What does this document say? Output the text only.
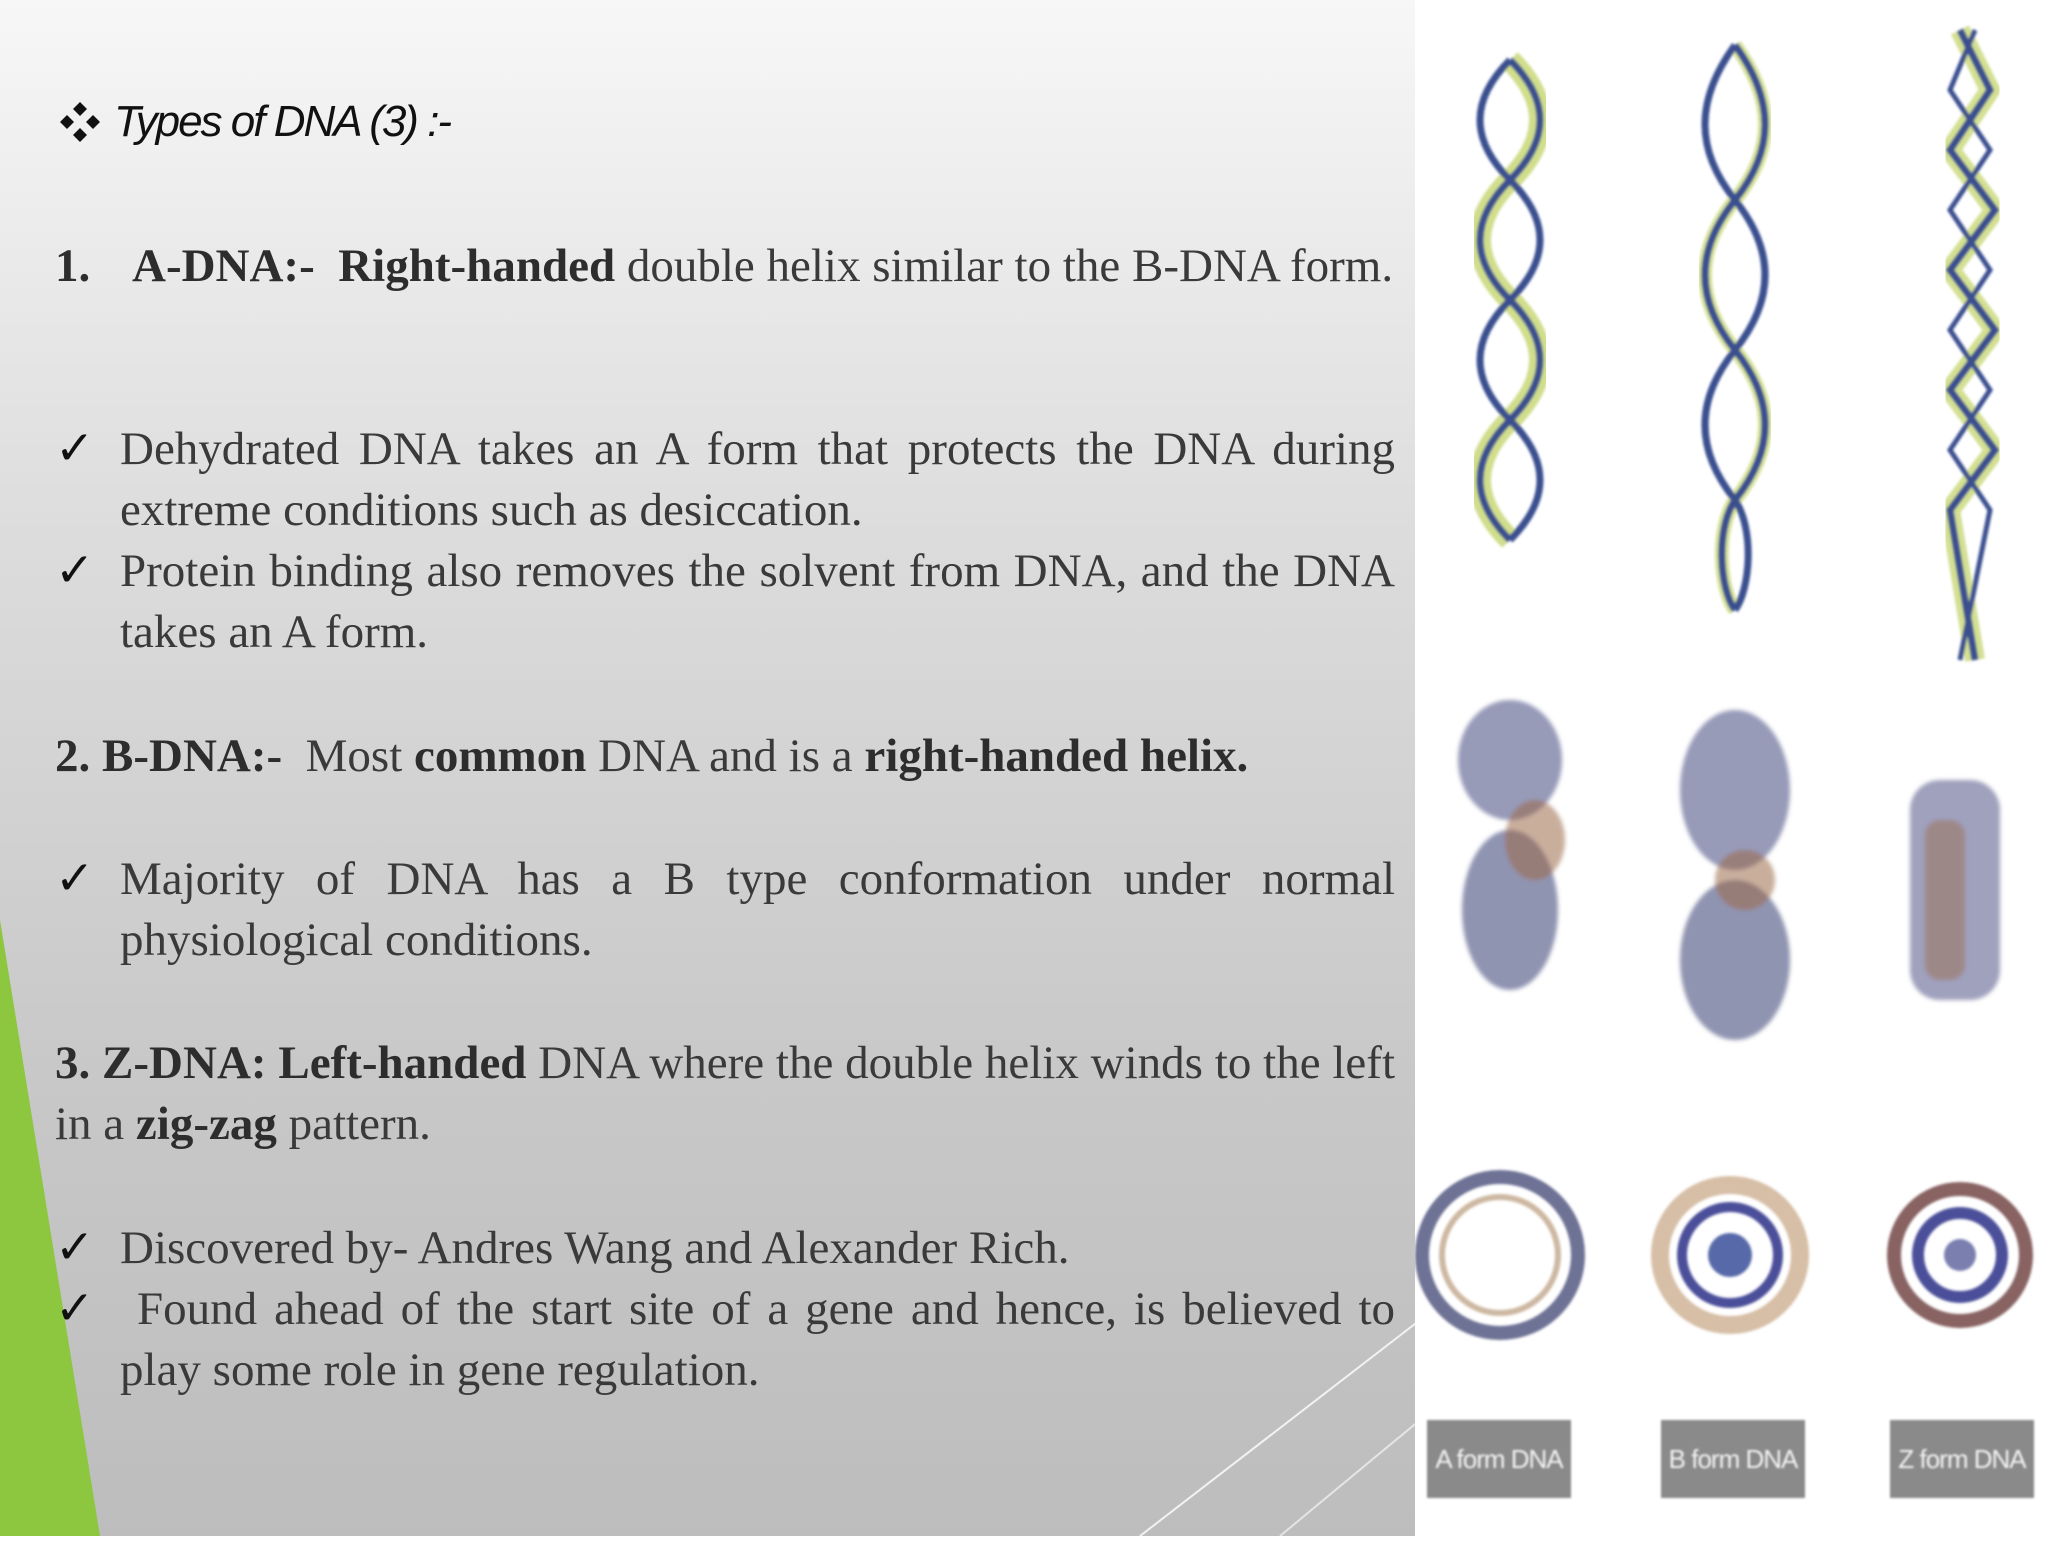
Types of DNA (3) :-
1. A-DNA:- Right-handed double helix similar to the B-DNA form.
✓ Dehydrated DNA takes an A form that protects the DNA during extreme conditions such as desiccation.
✓ Protein binding also removes the solvent from DNA, and the DNA takes an A form.
2. B-DNA:- Most common DNA and is a right-handed helix.
✓ Majority of DNA has a B type conformation under normal physiological conditions.
3. Z-DNA: Left-handed DNA where the double helix winds to the left in a zig-zag pattern.
✓ Discovered by- Andres Wang and Alexander Rich.
✓ Found ahead of the start site of a gene and hence, is believed to play some role in gene regulation.
A form DNA	B form DNA	Z form DNA
